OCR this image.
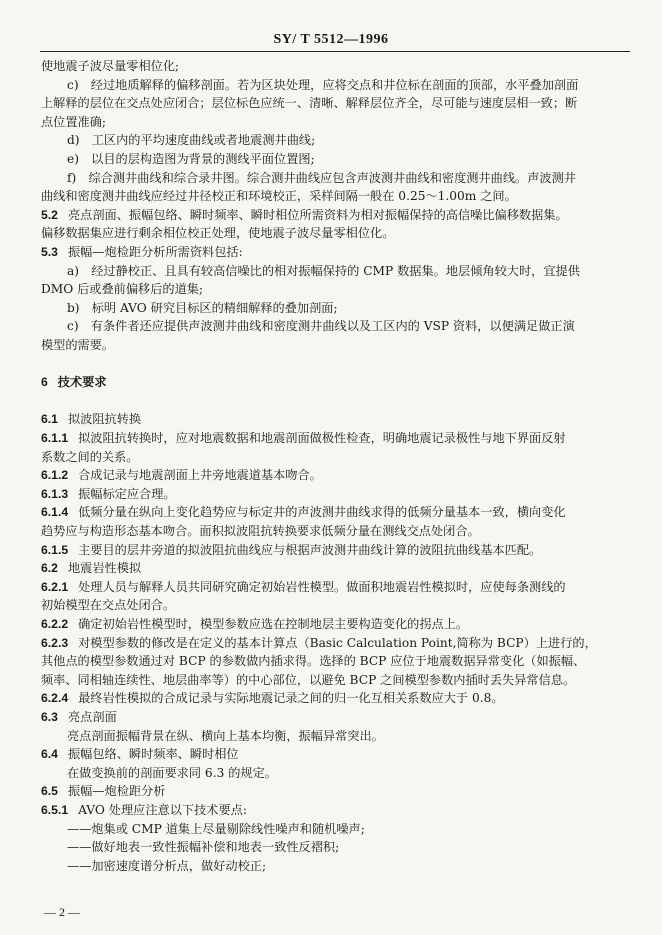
SY/ T 5512—1996
使地震子波尽量零相位化;
c)　经过地质解释的偏移剖面。若为区块处理，应将交点和井位标在剖面的顶部，水平叠加剖面
上解释的层位在交点处应闭合；层位标色应统一、清晰、解释层位齐全，尽可能与速度层相一致；断
点位置准确;
d)　工区内的平均速度曲线或者地震测井曲线;
e)　以目的层构造图为背景的测线平面位置图;
f)　综合测井曲线和综合录井图。综合测井曲线应包含声波测井曲线和密度测井曲线。声波测井
曲线和密度测井曲线应经过井径校正和环境校正，采样间隔一般在 0.25～1.00m 之间。
5.2 亮点剖面、振幅包络、瞬时频率、瞬时相位所需资料为相对振幅保持的高信噪比偏移数据集。
偏移数据集应进行剩余相位校正处理，使地震子波尽量零相位化。
5.3 振幅—炮检距分析所需资料包括:
a)　经过静校正、且具有较高信噪比的相对振幅保持的 CMP 数据集。地层倾角较大时，宜提供
DMO 后或叠前偏移后的道集;
b)　标明 AVO 研究目标区的精细解释的叠加剖面;
c)　有条件者还应提供声波测井曲线和密度测井曲线以及工区内的 VSP 资料，以便满足做正演
模型的需要。
6 技术要求
6.1 拟波阻抗转换
6.1.1 拟波阻抗转换时，应对地震数据和地震剖面做极性检查，明确地震记录极性与地下界面反射
系数之间的关系。
6.1.2 合成记录与地震剖面上井旁地震道基本吻合。
6.1.3 振幅标定应合理。
6.1.4 低频分量在纵向上变化趋势应与标定井的声波测井曲线求得的低频分量基本一致，横向变化
趋势应与构造形态基本吻合。面积拟波阻抗转换要求低频分量在测线交点处闭合。
6.1.5 主要目的层井旁道的拟波阻抗曲线应与根据声波测井曲线计算的波阻抗曲线基本匹配。
6.2 地震岩性模拟
6.2.1 处理人员与解释人员共同研究确定初始岩性模型。做面积地震岩性模拟时，应使每条测线的
初始模型在交点处闭合。
6.2.2 确定初始岩性模型时，模型参数应选在控制地层主要构造变化的拐点上。
6.2.3 对模型参数的修改是在定义的基本计算点（Basic Calculation Point,简称为 BCP）上进行的，
其他点的模型参数通过对 BCP 的参数做内插求得。选择的 BCP 应位于地震数据异常变化（如振幅、
频率、同相轴连续性、地层曲率等）的中心部位，以避免 BCP 之间模型参数内插时丢失异常信息。
6.2.4 最终岩性模拟的合成记录与实际地震记录之间的归一化互相关系数应大于 0.8。
6.3 亮点剖面
亮点剖面振幅背景在纵、横向上基本均衡，振幅异常突出。
6.4 振幅包络、瞬时频率、瞬时相位
在做变换前的剖面要求同 6.3 的规定。
6.5 振幅—炮检距分析
6.5.1 AVO 处理应注意以下技术要点:
——炮集或 CMP 道集上尽量剔除线性噪声和随机噪声;
——做好地表一致性振幅补偿和地表一致性反褶积;
——加密速度谱分析点，做好动校正;
— 2 —
